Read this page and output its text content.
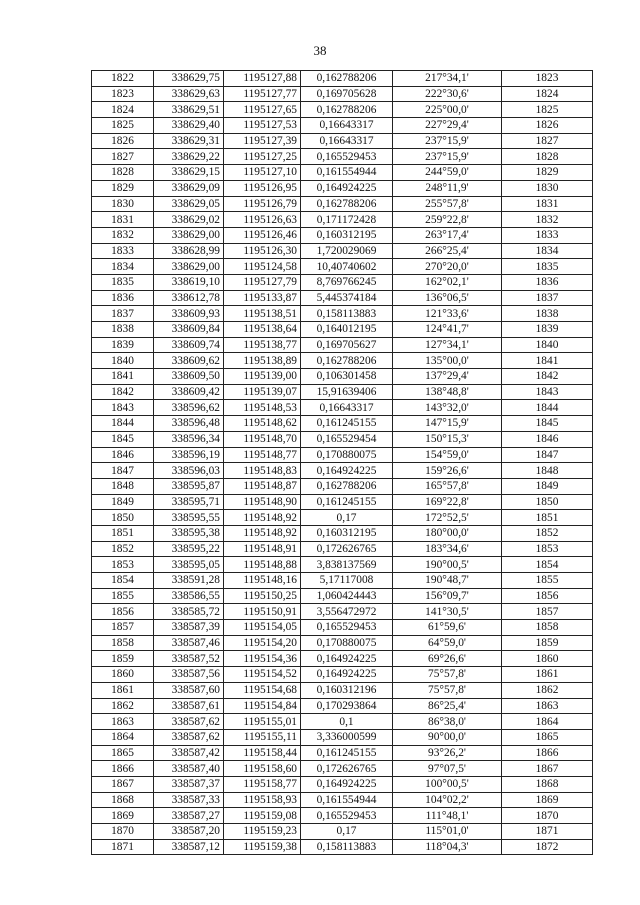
38
1822	338629,75	1195127,88	0,162788206	217°34,1'	1823
1823	338629,63	1195127,77	0,169705628	222°30,6'	1824
1824	338629,51	1195127,65	0,162788206	225°00,0'	1825
1825	338629,40	1195127,53	0,16643317	227°29,4'	1826
1826	338629,31	1195127,39	0,16643317	237°15,9'	1827
1827	338629,22	1195127,25	0,165529453	237°15,9'	1828
1828	338629,15	1195127,10	0,161554944	244°59,0'	1829
1829	338629,09	1195126,95	0,164924225	248°11,9'	1830
1830	338629,05	1195126,79	0,162788206	255°57,8'	1831
1831	338629,02	1195126,63	0,171172428	259°22,8'	1832
1832	338629,00	1195126,46	0,160312195	263°17,4'	1833
1833	338628,99	1195126,30	1,720029069	266°25,4'	1834
1834	338629,00	1195124,58	10,40740602	270°20,0'	1835
1835	338619,10	1195127,79	8,769766245	162°02,1'	1836
1836	338612,78	1195133,87	5,445374184	136°06,5'	1837
1837	338609,93	1195138,51	0,158113883	121°33,6'	1838
1838	338609,84	1195138,64	0,164012195	124°41,7'	1839
1839	338609,74	1195138,77	0,169705627	127°34,1'	1840
1840	338609,62	1195138,89	0,162788206	135°00,0'	1841
1841	338609,50	1195139,00	0,106301458	137°29,4'	1842
1842	338609,42	1195139,07	15,91639406	138°48,8'	1843
1843	338596,62	1195148,53	0,16643317	143°32,0'	1844
1844	338596,48	1195148,62	0,161245155	147°15,9'	1845
1845	338596,34	1195148,70	0,165529454	150°15,3'	1846
1846	338596,19	1195148,77	0,170880075	154°59,0'	1847
1847	338596,03	1195148,83	0,164924225	159°26,6'	1848
1848	338595,87	1195148,87	0,162788206	165°57,8'	1849
1849	338595,71	1195148,90	0,161245155	169°22,8'	1850
1850	338595,55	1195148,92	0,17	172°52,5'	1851
1851	338595,38	1195148,92	0,160312195	180°00,0'	1852
1852	338595,22	1195148,91	0,172626765	183°34,6'	1853
1853	338595,05	1195148,88	3,838137569	190°00,5'	1854
1854	338591,28	1195148,16	5,17117008	190°48,7'	1855
1855	338586,55	1195150,25	1,060424443	156°09,7'	1856
1856	338585,72	1195150,91	3,556472972	141°30,5'	1857
1857	338587,39	1195154,05	0,165529453	61°59,6'	1858
1858	338587,46	1195154,20	0,170880075	64°59,0'	1859
1859	338587,52	1195154,36	0,164924225	69°26,6'	1860
1860	338587,56	1195154,52	0,164924225	75°57,8'	1861
1861	338587,60	1195154,68	0,160312196	75°57,8'	1862
1862	338587,61	1195154,84	0,170293864	86°25,4'	1863
1863	338587,62	1195155,01	0,1	86°38,0'	1864
1864	338587,62	1195155,11	3,336000599	90°00,0'	1865
1865	338587,42	1195158,44	0,161245155	93°26,2'	1866
1866	338587,40	1195158,60	0,172626765	97°07,5'	1867
1867	338587,37	1195158,77	0,164924225	100°00,5'	1868
1868	338587,33	1195158,93	0,161554944	104°02,2'	1869
1869	338587,27	1195159,08	0,165529453	111°48,1'	1870
1870	338587,20	1195159,23	0,17	115°01,0'	1871
1871	338587,12	1195159,38	0,158113883	118°04,3'	1872
